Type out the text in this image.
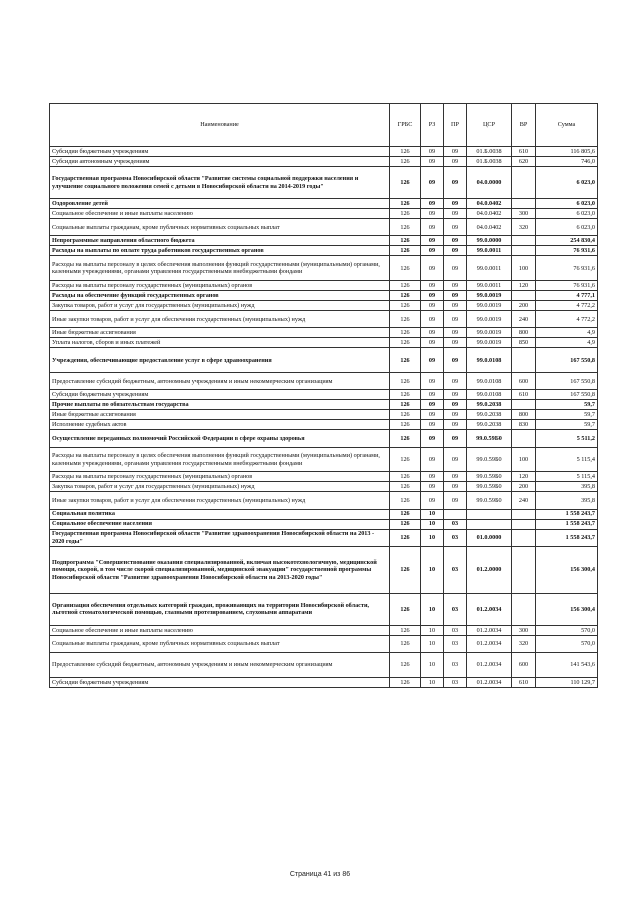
Наименование	ГРБС	РЗ	ПР	ЦСР	ВР	Сумма
Субсидии бюджетным учреждениям	126	09	09	01.Б.0038	610	116 805,6
Субсидии автономным учреждениям	126	09	09	01.Б.0038	620	746,0
Государственная программа Новосибирской области "Развитие системы социальной поддержки населения и улучшение социального положения семей с детьми в Новосибирской области на 2014-2019 годы"	126	09	09	04.0.0000		6 023,0
Оздоровление детей	126	09	09	04.0.0402		6 023,0
Социальное обеспечение и иные выплаты населению	126	09	09	04.0.0402	300	6 023,0
Социальные выплаты гражданам, кроме публичных нормативных социальных выплат	126	09	09	04.0.0402	320	6 023,0
Непрограммные направления областного бюджета	126	09	09	99.0.0000		254 830,4
Расходы на выплаты по оплате труда работников государственных органов	126	09	09	99.0.0011		76 931,6
Расходы на выплаты персоналу в целях обеспечения выполнения функций государственными (муниципальными) органами, казенными учреждениями, органами управления государственными внебюджетными фондами	126	09	09	99.0.0011	100	76 931,6
Расходы на выплаты персоналу государственных (муниципальных) органов	126	09	09	99.0.0011	120	76 931,6
Расходы на обеспечение функций государственных органов	126	09	09	99.0.0019		4 777,1
Закупка товаров, работ и услуг для государственных (муниципальных) нужд	126	09	09	99.0.0019	200	4 772,2
Иные закупки товаров, работ и услуг для обеспечения государственных (муниципальных) нужд	126	09	09	99.0.0019	240	4 772,2
Иные бюджетные ассигнования	126	09	09	99.0.0019	800	4,9
Уплата налогов, сборов и иных платежей	126	09	09	99.0.0019	850	4,9
Учреждения, обеспечивающие предоставление услуг в сфере здравоохранения	126	09	09	99.0.0108		167 550,8
Предоставление субсидий бюджетным, автономным учреждениям и иным некоммерческим организациям	126	09	09	99.0.0108	600	167 550,8
Субсидии бюджетным учреждениям	126	09	09	99.0.0108	610	167 550,8
Прочие выплаты по обязательствам государства	126	09	09	99.0.2038		59,7
Иные бюджетные ассигнования	126	09	09	99.0.2038	800	59,7
Исполнение судебных актов	126	09	09	99.0.2038	830	59,7
Осуществление переданных полномочий Российской Федерации в сфере охраны здоровья	126	09	09	99.0.59Б0		5 511,2
Расходы на выплаты персоналу в целях обеспечения выполнения функций государственными (муниципальными) органами, казенными учреждениями, органами управления государственными внебюджетными фондами	126	09	09	99.0.59Б0	100	5 115,4
Расходы на выплаты персоналу государственных (муниципальных) органов	126	09	09	99.0.59Б0	120	5 115,4
Закупка товаров, работ и услуг для государственных (муниципальных) нужд	126	09	09	99.0.59Б0	200	395,8
Иные закупки товаров, работ и услуг для обеспечения государственных (муниципальных) нужд	126	09	09	99.0.59Б0	240	395,8
Социальная политика	126	10				1 558 243,7
Социальное обеспечение населения	126	10	03			1 558 243,7
Государственная программа Новосибирской области "Развитие здравоохранения Новосибирской области на 2013 - 2020 годы"	126	10	03	01.0.0000		1 558 243,7
Подпрограмма "Совершенствование оказания специализированной, включая высокотехнологичную, медицинской помощи, скорой, в том числе скорой специализированной, медицинской эвакуации" государственной программы Новосибирской области "Развитие здравоохранения Новосибирской области на 2013-2020 годы"	126	10	03	01.2.0000		156 300,4
Организация обеспечения отдельных категорий граждан, проживающих на территории Новосибирской области, льготной стоматологической помощью, глазными протезированием, слуховыми аппаратами	126	10	03	01.2.0034		156 300,4
Социальное обеспечение и иные выплаты населению	126	10	03	01.2.0034	300	570,0
Социальные выплаты гражданам, кроме публичных нормативных социальных выплат	126	10	03	01.2.0034	320	570,0
Предоставление субсидий бюджетным, автономным учреждениям и иным некоммерческим организациям	126	10	03	01.2.0034	600	141 543,6
Субсидии бюджетным учреждениям	126	10	03	01.2.0034	610	110 129,7
Страница 41 из 86
